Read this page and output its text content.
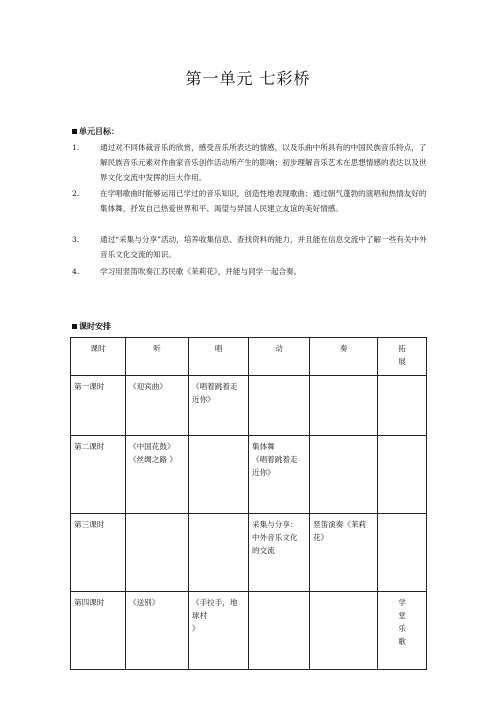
第一单元 七彩桥
单元目标：
1.	通过对不同体裁音乐的欣赏，感受音乐所表达的情感，以及乐曲中所具有的中国民族音乐特点，了解民族音乐元素对作曲家音乐创作活动所产生的影响；初步理解音乐艺术在思想情感的表达以及世界文化交流中发挥的巨大作用。
2.	在学唱歌曲时能够运用已学过的音乐知识，创造性地表现歌曲；通过朝气蓬勃的演唱和热情友好的集体舞，抒发自己热爱世界和平、渴望与异国人民建立友谊的美好情感。
3.	通过“采集与分享”活动，培养收集信息、查找资料的能力，并且能在信息交流中了解一些有关中外音乐文化交流的知识。
4.	学习用竖笛吹奏江苏民歌《茉莉花》，并能与同学一起合奏。
课时安排
课时	听	唱	动	奏	拓展

第一课时	《迎宾曲》	《唱着跳着走近你》			

第二课时	《中国花鼓》
《丝绸之路 》		集体舞
《唱着跳着走近你》		

第三课时			采集与分享：中外音乐文化的交流	竖笛演奏《茉莉花》	

第四课时	《送别》	《手拉手，地球村
》			学堂乐歌
